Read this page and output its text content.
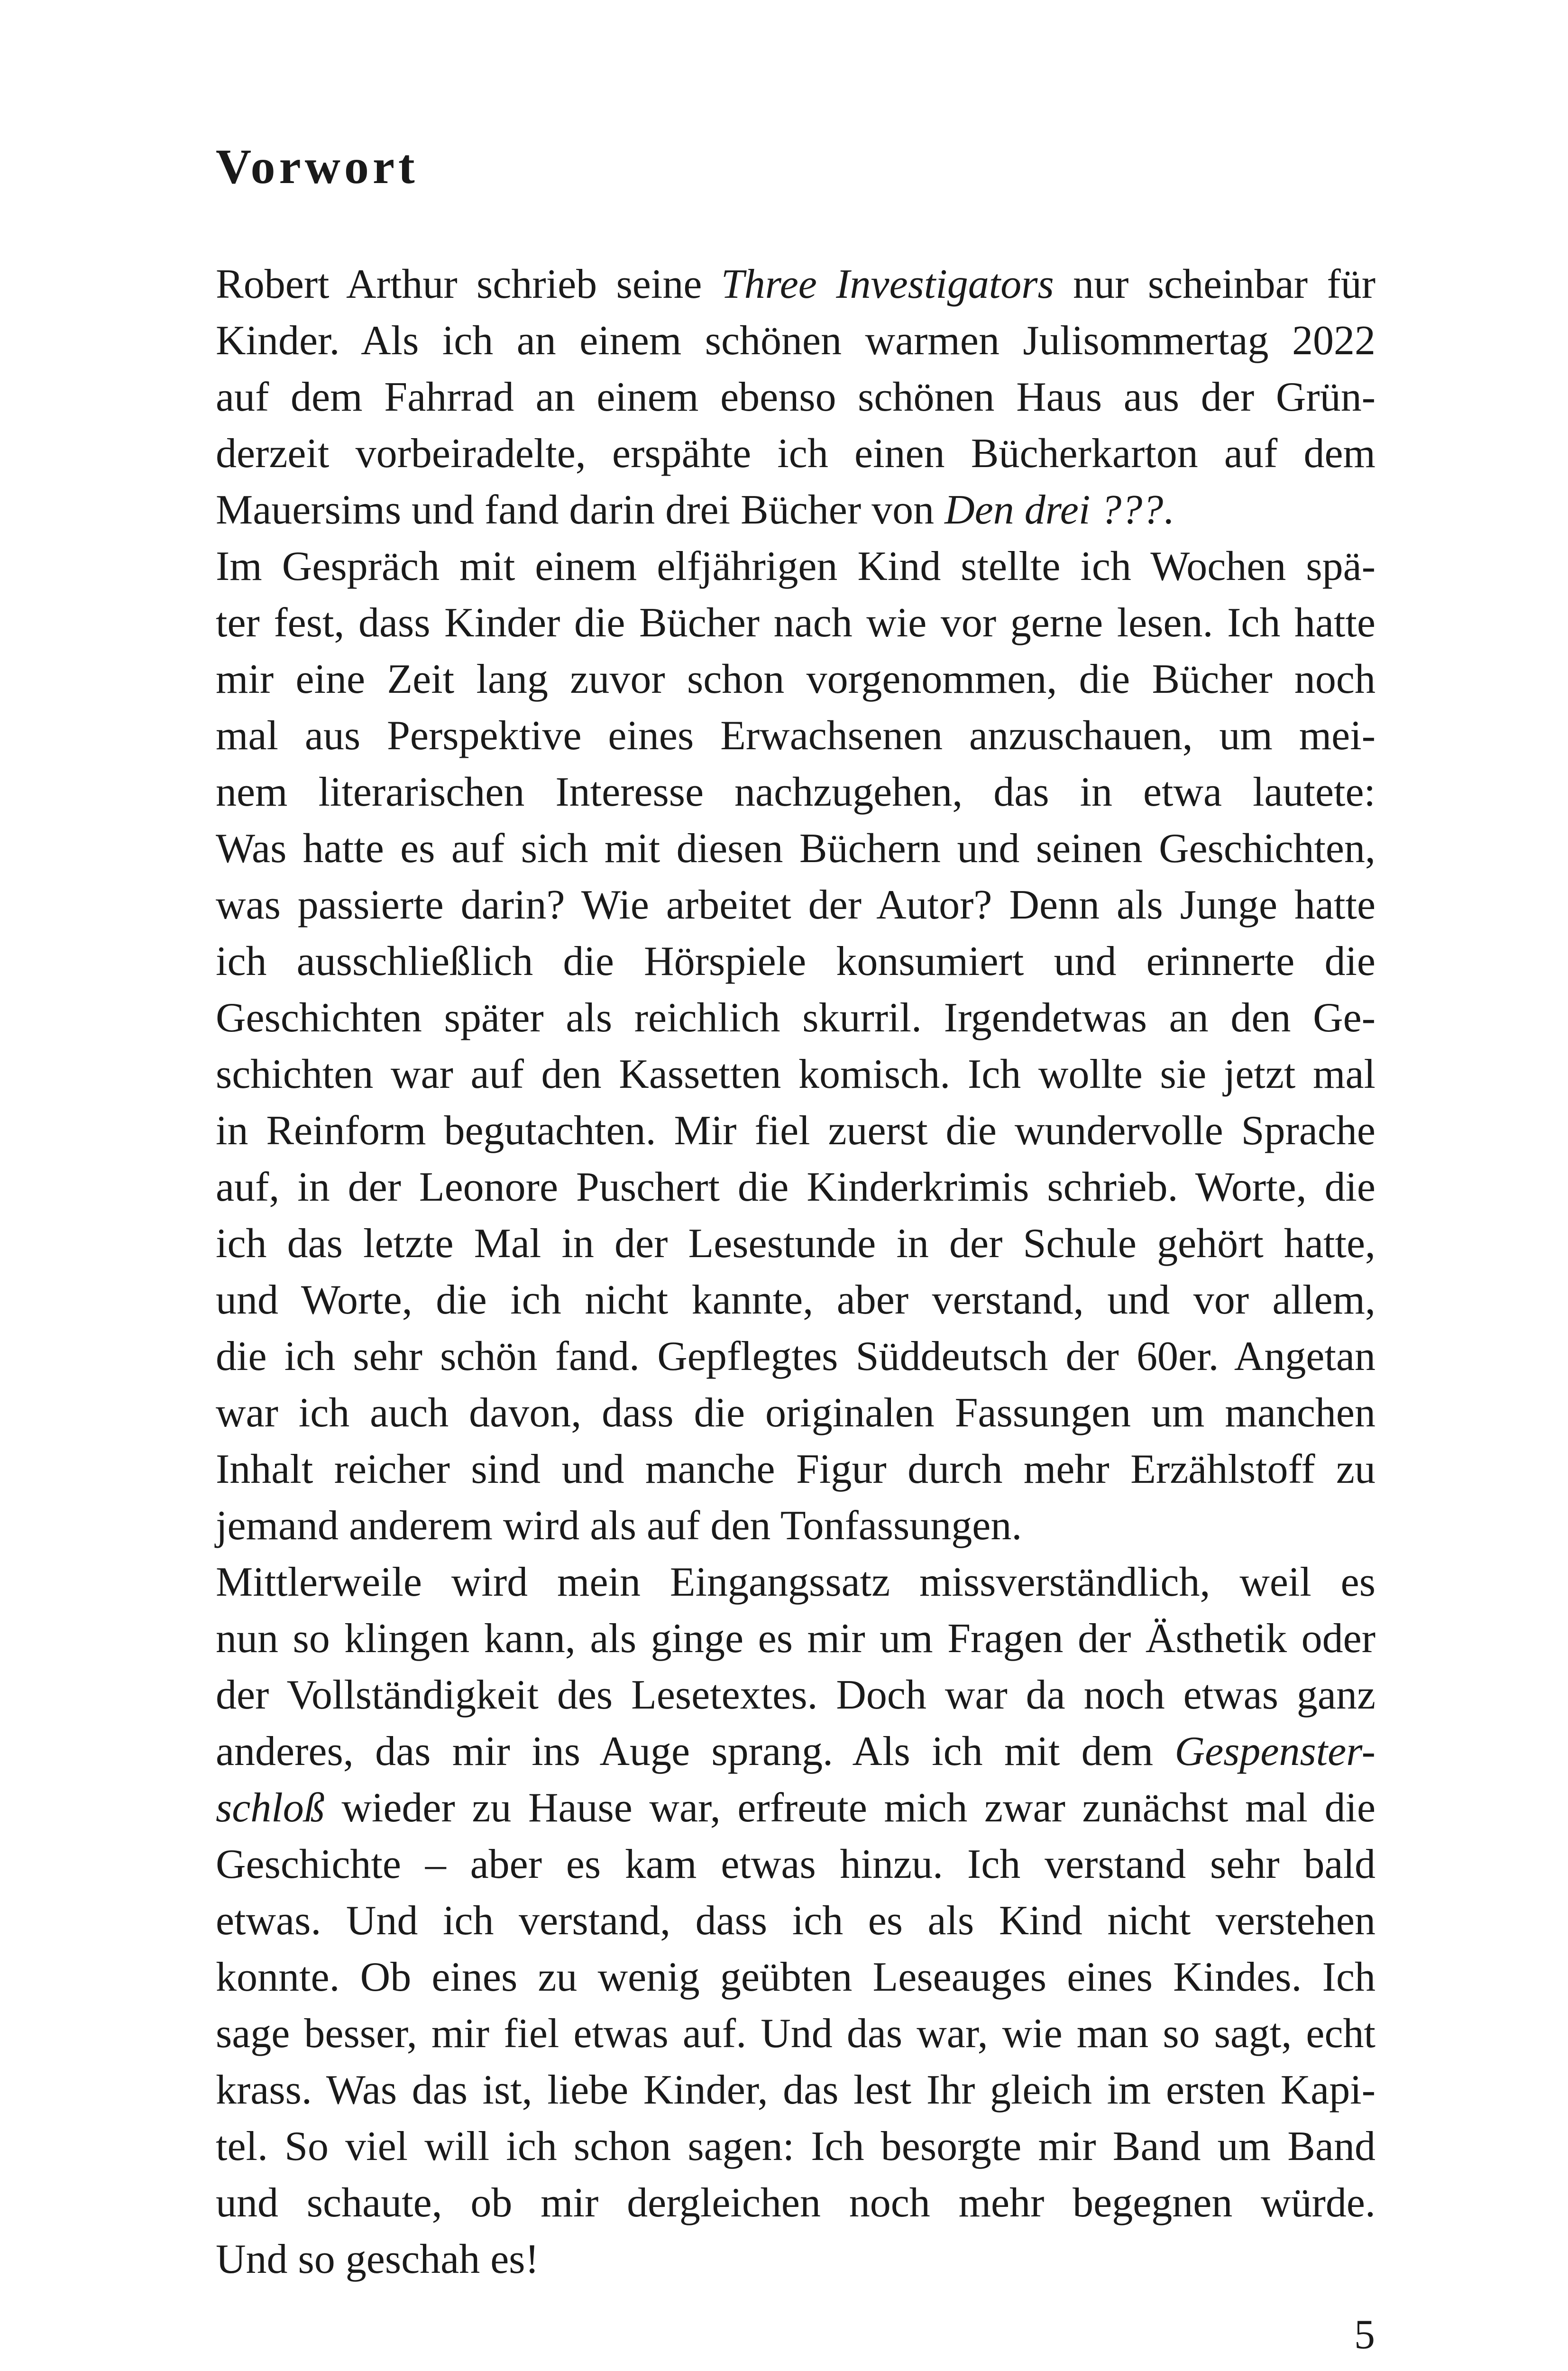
Vorwort
Robert Arthur schrieb seine Three Investigators nur scheinbar für
Kinder. Als ich an einem schönen warmen Julisommertag 2022
auf dem Fahrrad an einem ebenso schönen Haus aus der Grün-
derzeit vorbeiradelte, erspähte ich einen Bücherkarton auf dem
Mauersims und fand darin drei Bücher von Den drei ???.
Im Gespräch mit einem elfjährigen Kind stellte ich Wochen spä-
ter fest, dass Kinder die Bücher nach wie vor gerne lesen. Ich hatte
mir eine Zeit lang zuvor schon vorgenommen, die Bücher noch
mal aus Perspektive eines Erwachsenen anzuschauen, um mei-
nem literarischen Interesse nachzugehen, das in etwa lautete:
Was hatte es auf sich mit diesen Büchern und seinen Geschichten,
was passierte darin? Wie arbeitet der Autor? Denn als Junge hatte
ich ausschließlich die Hörspiele konsumiert und erinnerte die
Geschichten später als reichlich skurril. Irgendetwas an den Ge-
schichten war auf den Kassetten komisch. Ich wollte sie jetzt mal
in Reinform begutachten. Mir fiel zuerst die wundervolle Sprache
auf, in der Leonore Puschert die Kinderkrimis schrieb. Worte, die
ich das letzte Mal in der Lesestunde in der Schule gehört hatte,
und Worte, die ich nicht kannte, aber verstand, und vor allem,
die ich sehr schön fand. Gepflegtes Süddeutsch der 60er. Angetan
war ich auch davon, dass die originalen Fassungen um manchen
Inhalt reicher sind und manche Figur durch mehr Erzählstoff zu
jemand anderem wird als auf den Tonfassungen.
Mittlerweile wird mein Eingangssatz missverständlich, weil es
nun so klingen kann, als ginge es mir um Fragen der Ästhetik oder
der Vollständigkeit des Lesetextes. Doch war da noch etwas ganz
anderes, das mir ins Auge sprang. Als ich mit dem Gespenster-
schloß wieder zu Hause war, erfreute mich zwar zunächst mal die
Geschichte – aber es kam etwas hinzu. Ich verstand sehr bald
etwas. Und ich verstand, dass ich es als Kind nicht verstehen
konnte. Ob eines zu wenig geübten Leseauges eines Kindes. Ich
sage besser, mir fiel etwas auf. Und das war, wie man so sagt, echt
krass. Was das ist, liebe Kinder, das lest Ihr gleich im ersten Kapi-
tel. So viel will ich schon sagen: Ich besorgte mir Band um Band
und schaute, ob mir dergleichen noch mehr begegnen würde.
Und so geschah es!
5
